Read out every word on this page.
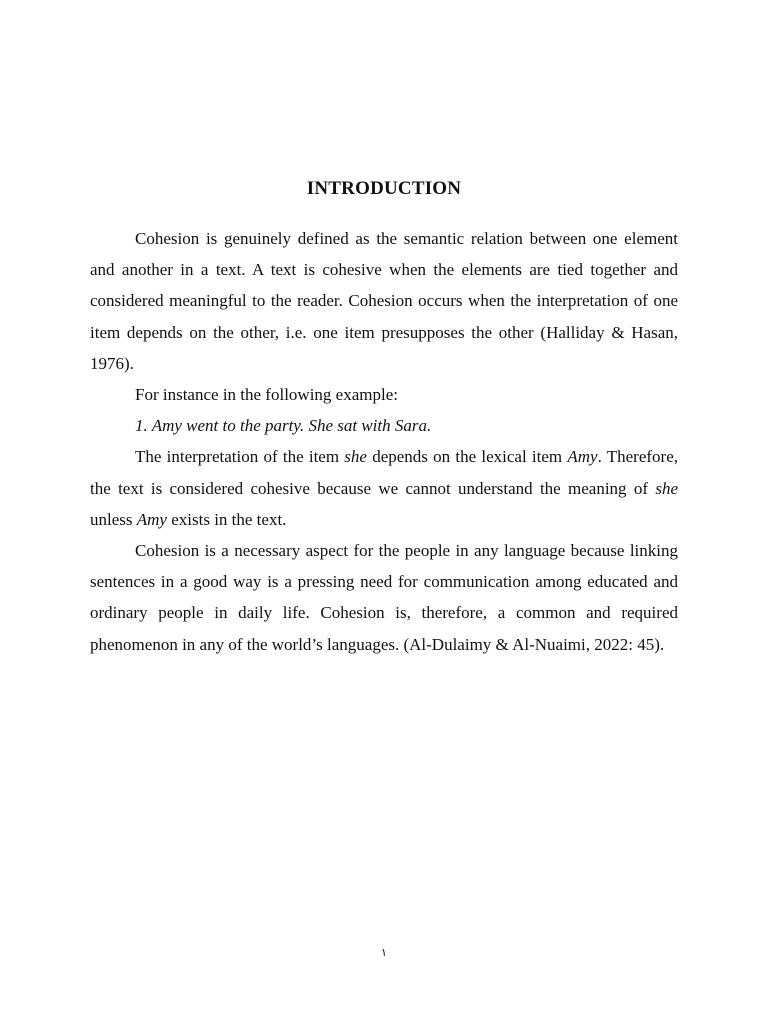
INTRODUCTION

Cohesion is genuinely defined as the semantic relation between one element and another in a text. A text is cohesive when the elements are tied together and considered meaningful to the reader. Cohesion occurs when the interpretation of one item depends on the other, i.e. one item presupposes the other (Halliday & Hasan, 1976).

For instance in the following example:

1. Amy went to the party. She sat with Sara.

The interpretation of the item she depends on the lexical item Amy. Therefore, the text is considered cohesive because we cannot understand the meaning of she unless Amy exists in the text.

Cohesion is a necessary aspect for the people in any language because linking sentences in a good way is a pressing need for communication among educated and ordinary people in daily life. Cohesion is, therefore, a common and required phenomenon in any of the world’s languages. (Al-Dulaimy & Al-Nuaimi, 2022: 45).

١
